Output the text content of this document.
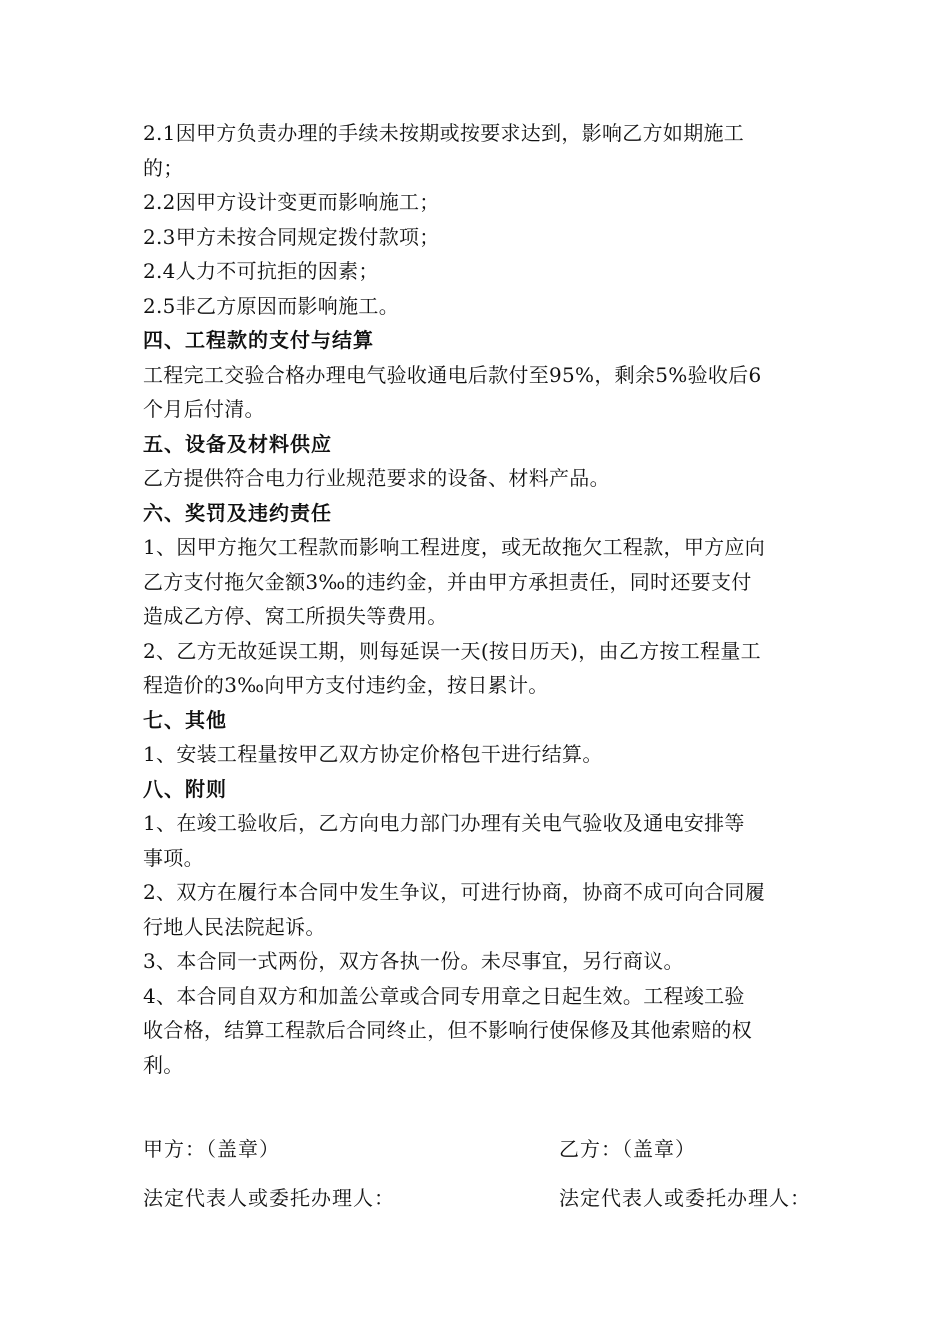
2.1因甲方负责办理的手续未按期或按要求达到，影响乙方如期施工
的；
2.2因甲方设计变更而影响施工；
2.3甲方未按合同规定拨付款项；
2.4人力不可抗拒的因素；
2.5非乙方原因而影响施工。
四、工程款的支付与结算
工程完工交验合格办理电气验收通电后款付至95%，剩余5%验收后6
个月后付清。
五、设备及材料供应
乙方提供符合电力行业规范要求的设备、材料产品。
六、奖罚及违约责任
1、因甲方拖欠工程款而影响工程进度，或无故拖欠工程款，甲方应向
乙方支付拖欠金额3‰的违约金，并由甲方承担责任，同时还要支付
造成乙方停、窝工所损失等费用。
2、乙方无故延误工期，则每延误一天(按日历天)，由乙方按工程量工
程造价的3‰向甲方支付违约金，按日累计。
七、其他
1、安装工程量按甲乙双方协定价格包干进行结算。
八、附则
1、在竣工验收后，乙方向电力部门办理有关电气验收及通电安排等
事项。
2、双方在履行本合同中发生争议，可进行协商，协商不成可向合同履
行地人民法院起诉。
3、本合同一式两份，双方各执一份。未尽事宜，另行商议。
4、本合同自双方和加盖公章或合同专用章之日起生效。工程竣工验
收合格，结算工程款后合同终止，但不影响行使保修及其他索赔的权
利。
甲方：（盖章）	乙方：（盖章）
法定代表人或委托办理人：	法定代表人或委托办理人：
